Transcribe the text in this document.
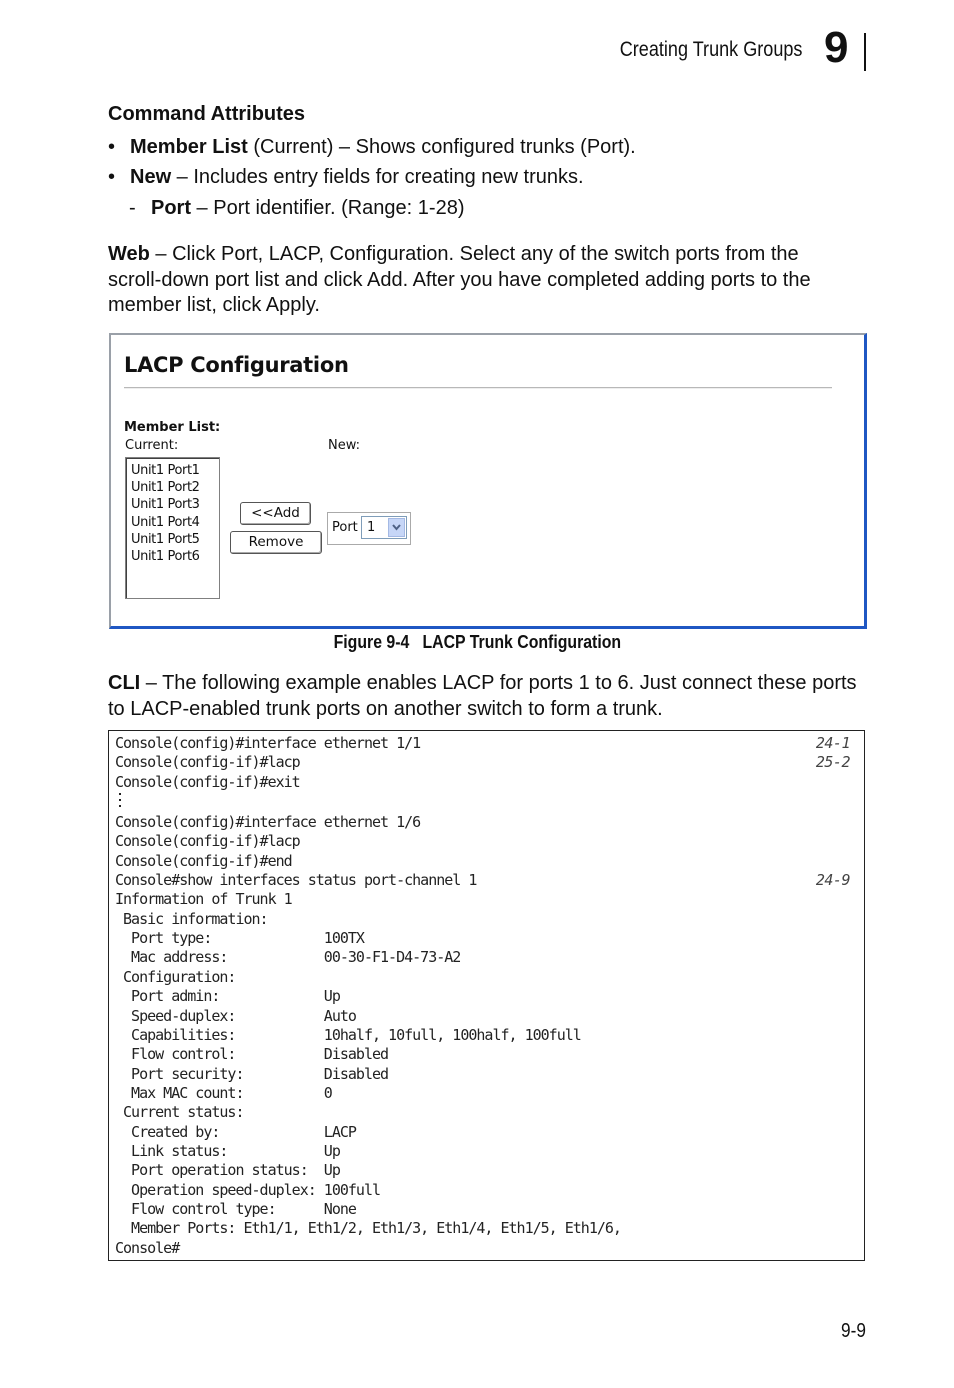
Creating Trunk Groups 9
Command Attributes
• Member List (Current) – Shows configured trunks (Port).
• New – Includes entry fields for creating new trunks.
- Port – Port identifier. (Range: 1-28)
Web – Click Port, LACP, Configuration. Select any of the switch ports from the
scroll-down port list and click Add. After you have completed adding ports to the
member list, click Apply.
LACP Configuration
Member List:
Current:	New:
Unit1 Port1
Unit1 Port2
Unit1 Port3
Unit1 Port4
Unit1 Port5
Unit1 Port6
<<Add
Remove
Port 1
Figure 9-4   LACP Trunk Configuration
CLI – The following example enables LACP for ports 1 to 6. Just connect these ports
to LACP-enabled trunk ports on another switch to form a trunk.
Console(config)#interface ethernet 1/1	24-1
Console(config-if)#lacp	25-2
Console(config-if)#exit
Console(config)#interface ethernet 1/6
Console(config-if)#lacp
Console(config-if)#end
Console#show interfaces status port-channel 1	24-9
Information of Trunk 1
Basic information:
Port type:              100TX
Mac address:            00-30-F1-D4-73-A2
Configuration:
Port admin:             Up
Speed-duplex:           Auto
Capabilities:           10half, 10full, 100half, 100full
Flow control:           Disabled
Port security:          Disabled
Max MAC count:          0
Current status:
Created by:             LACP
Link status:            Up
Port operation status:  Up
Operation speed-duplex: 100full
Flow control type:      None
Member Ports: Eth1/1, Eth1/2, Eth1/3, Eth1/4, Eth1/5, Eth1/6,
Console#
9-9
